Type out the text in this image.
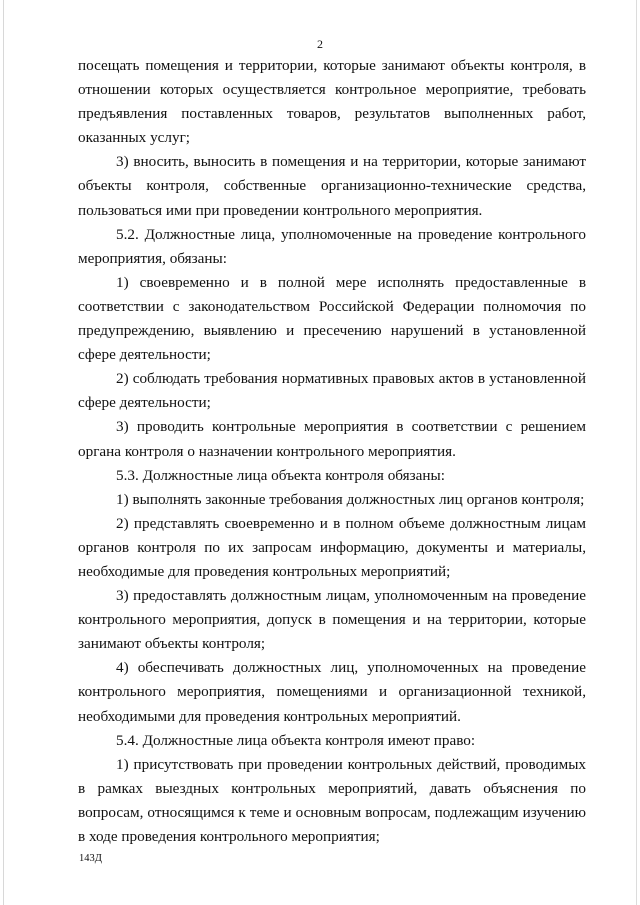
2

посещать помещения и территории, которые занимают объекты контроля, в отношении которых осуществляется контрольное мероприятие, требовать предъявления поставленных товаров, результатов выполненных работ, оказанных услуг;

3) вносить, выносить в помещения и на территории, которые занимают объекты контроля, собственные организационно-технические средства, пользоваться ими при проведении контрольного мероприятия.

5.2. Должностные лица, уполномоченные на проведение контрольного мероприятия, обязаны:

1) своевременно и в полной мере исполнять предоставленные в соответствии с законодательством Российской Федерации полномочия по предупреждению, выявлению и пресечению нарушений в установленной сфере деятельности;

2) соблюдать требования нормативных правовых актов в установленной сфере деятельности;

3) проводить контрольные мероприятия в соответствии с решением органа контроля о назначении контрольного мероприятия.

5.3. Должностные лица объекта контроля обязаны:

1) выполнять законные требования должностных лиц органов контроля;

2) представлять своевременно и в полном объеме должностным лицам органов контроля по их запросам информацию, документы и материалы, необходимые для проведения контрольных мероприятий;

3) предоставлять должностным лицам, уполномоченным на проведение контрольного мероприятия, допуск в помещения и на территории, которые занимают объекты контроля;

4) обеспечивать должностных лиц, уполномоченных на проведение контрольного мероприятия, помещениями и организационной техникой, необходимыми для проведения контрольных мероприятий.

5.4. Должностные лица объекта контроля имеют право:

1) присутствовать при проведении контрольных действий, проводимых в рамках выездных контрольных мероприятий, давать объяснения по вопросам, относящимся к теме и основным вопросам, подлежащим изучению в ходе проведения контрольного мероприятия;

143Д
